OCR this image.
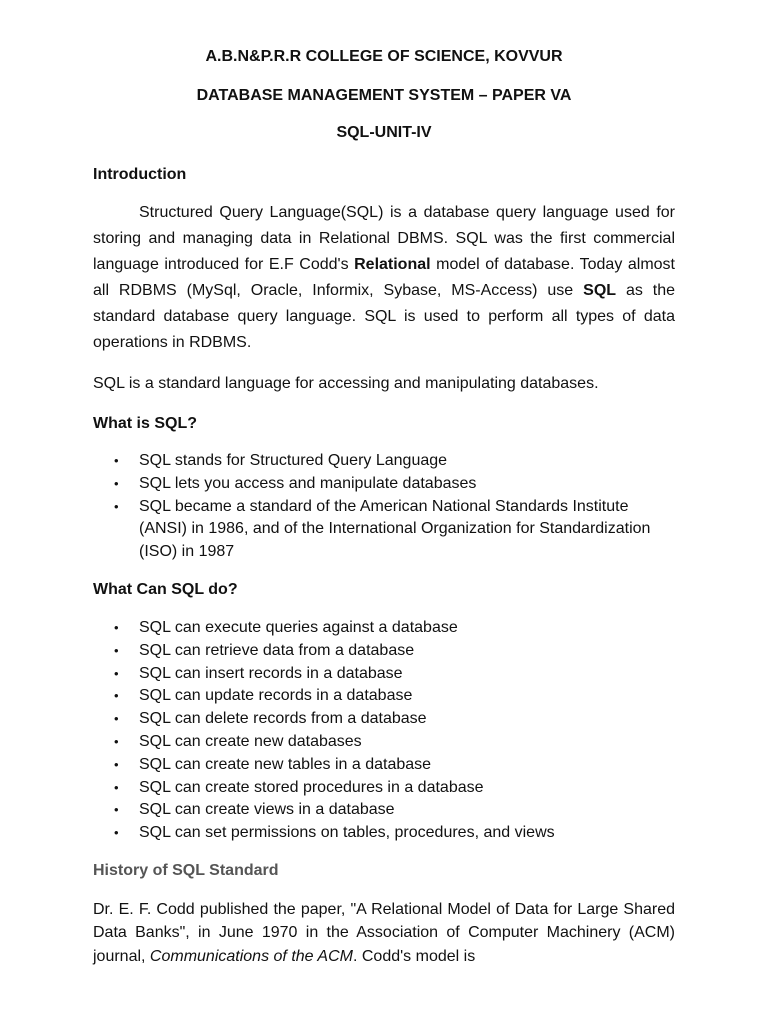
A.B.N&P.R.R COLLEGE OF SCIENCE, KOVVUR

DATABASE MANAGEMENT SYSTEM – PAPER VA

SQL-UNIT-IV

Introduction

Structured Query Language(SQL) is a database query language used for storing and managing data in Relational DBMS. SQL was the first commercial language introduced for E.F Codd's Relational model of database. Today almost all RDBMS (MySql, Oracle, Informix, Sybase, MS-Access) use SQL as the standard database query language. SQL is used to perform all types of data operations in RDBMS.

SQL is a standard language for accessing and manipulating databases.

What is SQL?

• SQL stands for Structured Query Language
• SQL lets you access and manipulate databases
• SQL became a standard of the American National Standards Institute (ANSI) in 1986, and of the International Organization for Standardization (ISO) in 1987

What Can SQL do?

• SQL can execute queries against a database
• SQL can retrieve data from a database
• SQL can insert records in a database
• SQL can update records in a database
• SQL can delete records from a database
• SQL can create new databases
• SQL can create new tables in a database
• SQL can create stored procedures in a database
• SQL can create views in a database
• SQL can set permissions on tables, procedures, and views

History of SQL Standard

Dr. E. F. Codd published the paper, "A Relational Model of Data for Large Shared Data Banks", in June 1970 in the Association of Computer Machinery (ACM) journal, Communications of the ACM. Codd's model is
